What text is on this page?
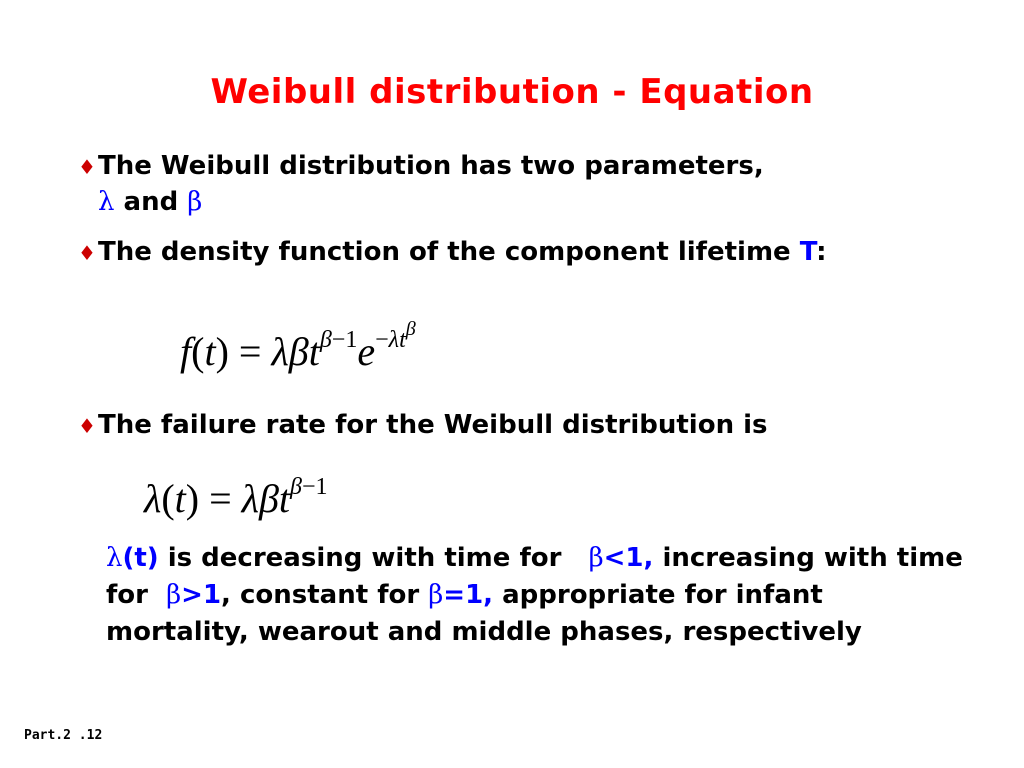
Weibull distribution - Equation
♦The Weibull distribution has two parameters,
λ and β
♦The density function of the component lifetime T:
$f(t) = \lambda\beta t^{\beta-1}e^{-\lambda t^\beta}$
♦The failure rate for the Weibull distribution is
λ(t) = λβt$^{\beta-1}$
λ(t) is decreasing with time for   β<1, increasing with time for  β>1, constant for β=1, appropriate for infant mortality, wearout and middle phases, respectively
Part.2 .12
